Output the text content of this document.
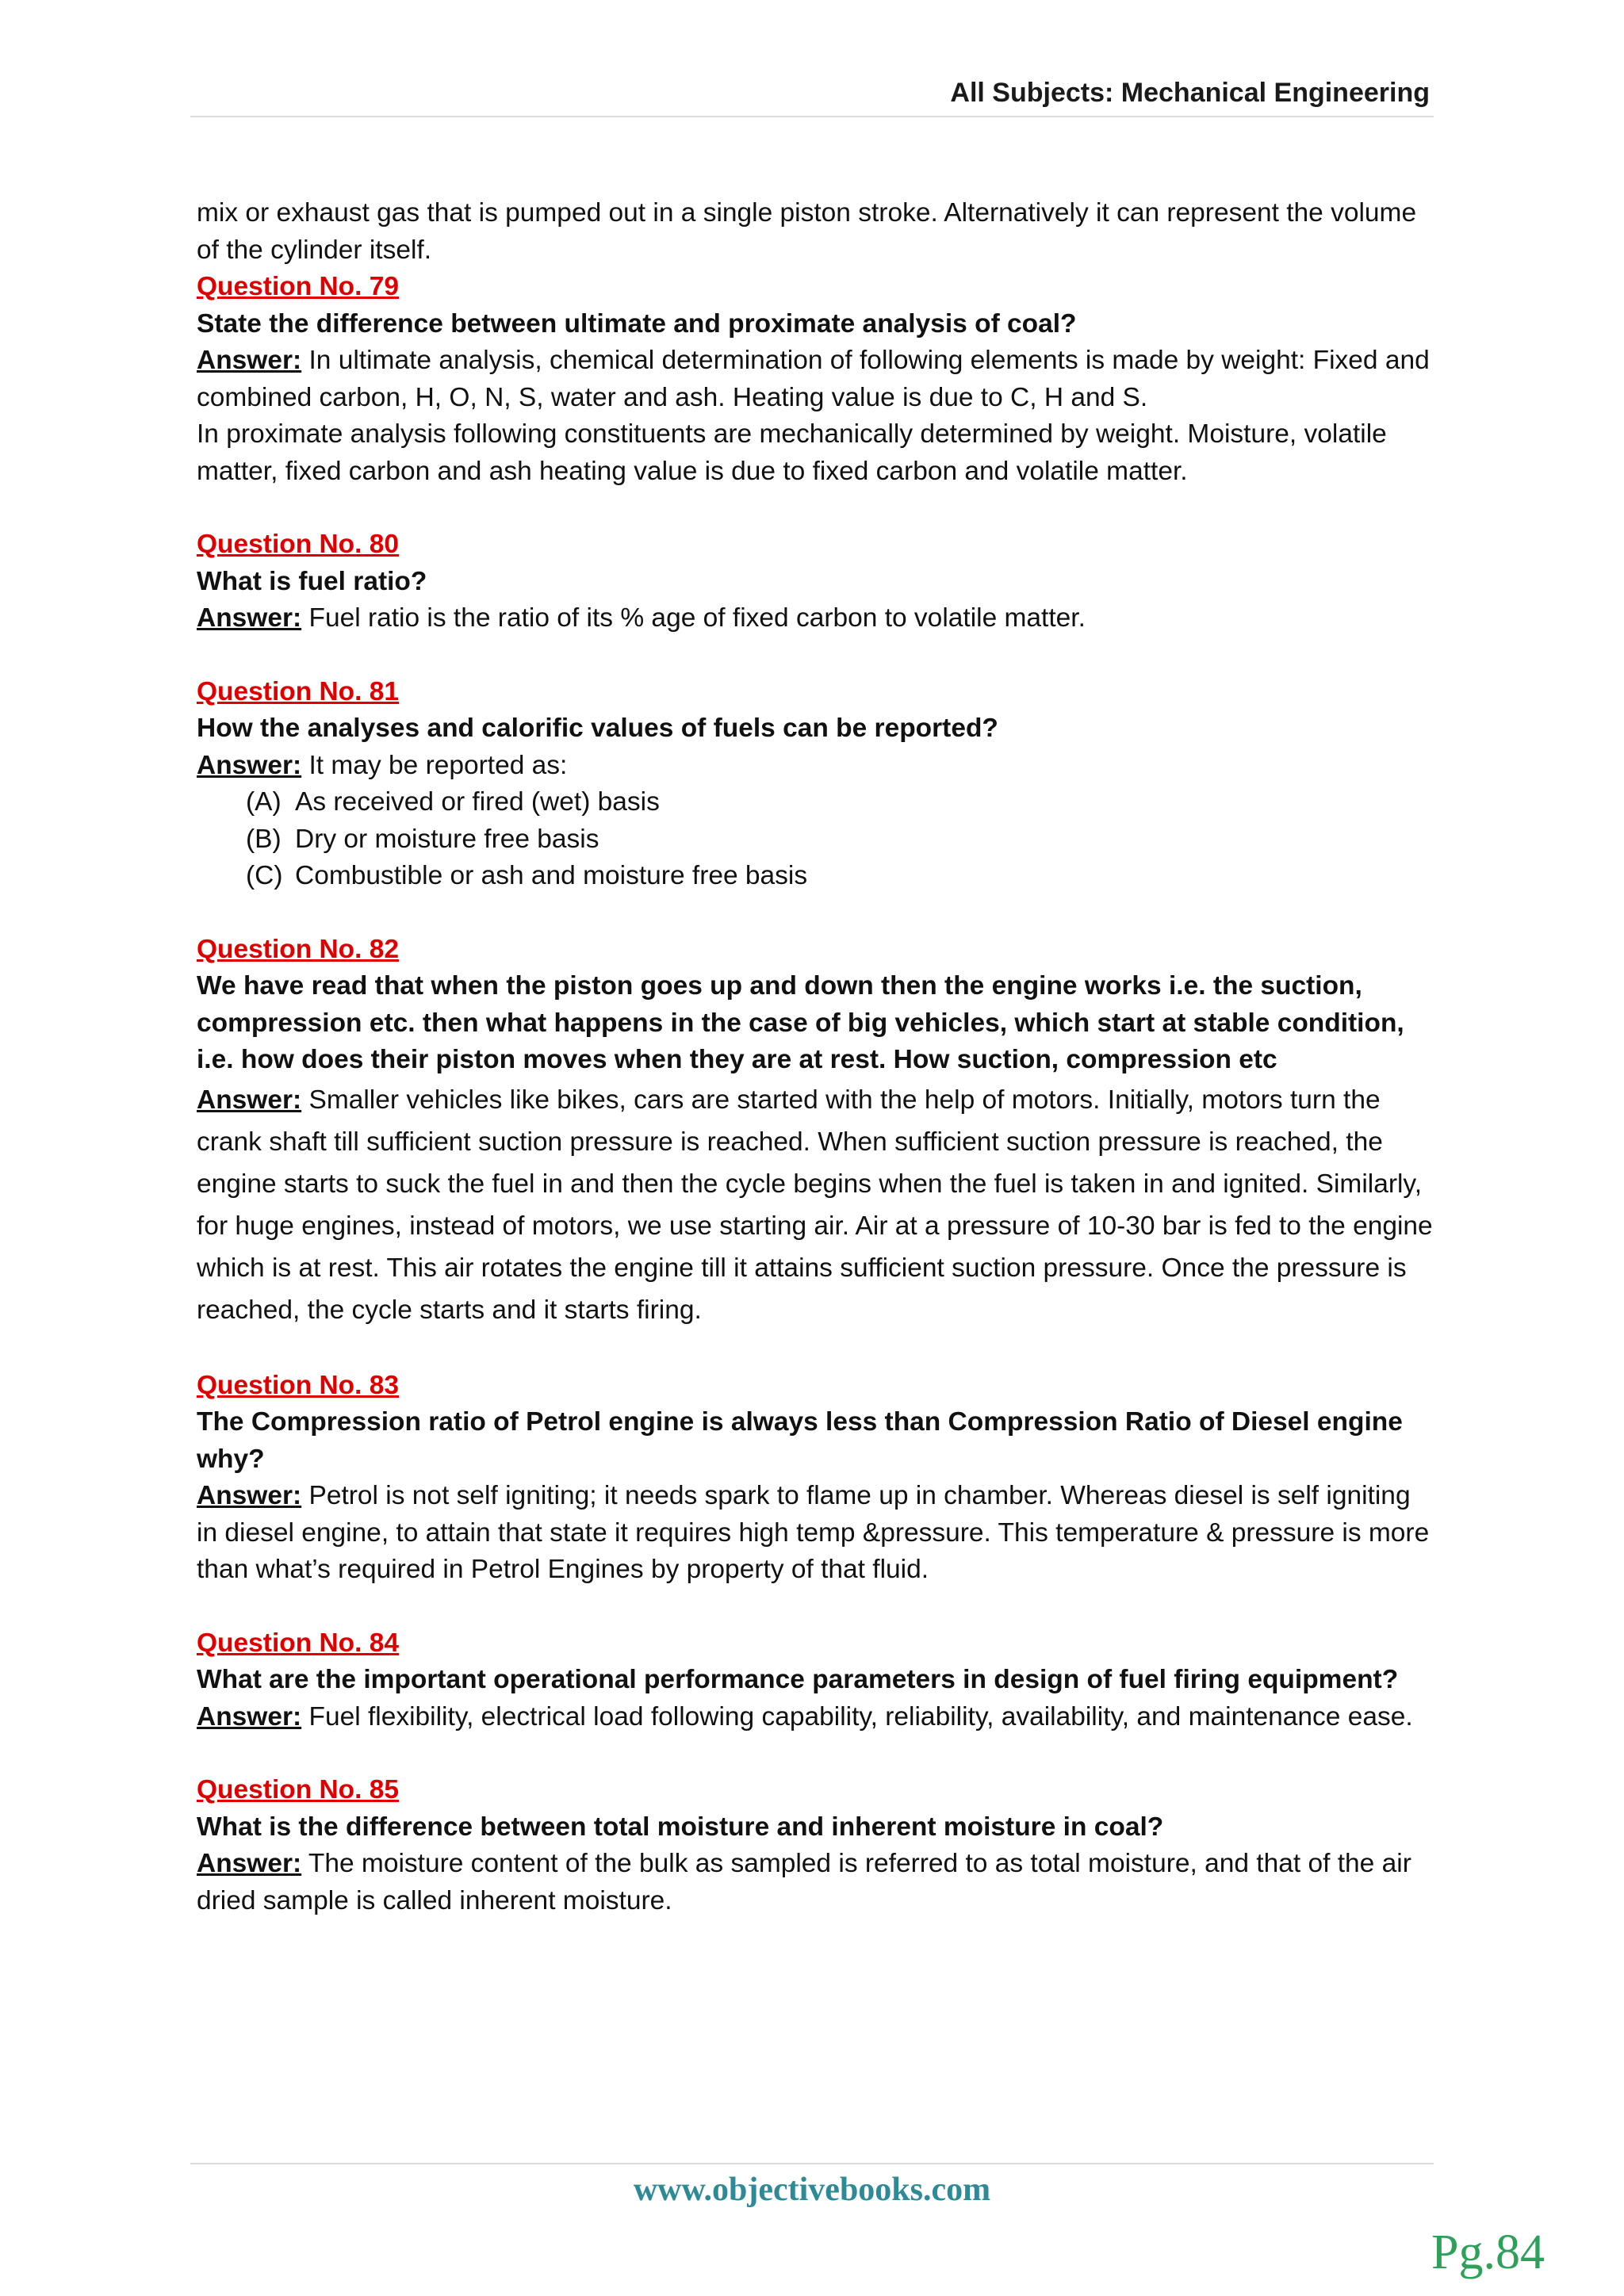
All Subjects: Mechanical Engineering

mix or exhaust gas that is pumped out in a single piston stroke. Alternatively it can represent the volume of the cylinder itself.

Question No. 79

State the difference between ultimate and proximate analysis of coal?

Answer: In ultimate analysis, chemical determination of following elements is made by weight: Fixed and combined carbon, H, O, N, S, water and ash. Heating value is due to C, H and S.

In proximate analysis following constituents are mechanically determined by weight. Moisture, volatile matter, fixed carbon and ash heating value is due to fixed carbon and volatile matter.

Question No. 80

What is fuel ratio?

Answer: Fuel ratio is the ratio of its % age of fixed carbon to volatile matter.

Question No. 81

How the analyses and calorific values of fuels can be reported?

Answer: It may be reported as:

(A) As received or fired (wet) basis
(B) Dry or moisture free basis
(C) Combustible or ash and moisture free basis

Question No. 82

We have read that when the piston goes up and down then the engine works i.e. the suction, compression etc. then what happens in the case of big vehicles, which start at stable condition, i.e. how does their piston moves when they are at rest. How suction, compression etc

Answer: Smaller vehicles like bikes, cars are started with the help of motors. Initially, motors turn the crank shaft till sufficient suction pressure is reached. When sufficient suction pressure is reached, the engine starts to suck the fuel in and then the cycle begins when the fuel is taken in and ignited. Similarly, for huge engines, instead of motors, we use starting air. Air at a pressure of 10-30 bar is fed to the engine which is at rest. This air rotates the engine till it attains sufficient suction pressure. Once the pressure is reached, the cycle starts and it starts firing.

Question No. 83

The Compression ratio of Petrol engine is always less than Compression Ratio of Diesel engine why?

Answer: Petrol is not self igniting; it needs spark to flame up in chamber. Whereas diesel is self igniting in diesel engine, to attain that state it requires high temp &pressure. This temperature & pressure is more than what’s required in Petrol Engines by property of that fluid.

Question No. 84

What are the important operational performance parameters in design of fuel firing equipment?

Answer: Fuel flexibility, electrical load following capability, reliability, availability, and maintenance ease.

Question No. 85

What is the difference between total moisture and inherent moisture in coal?

Answer: The moisture content of the bulk as sampled is referred to as total moisture, and that of the air dried sample is called inherent moisture.

www.objectivebooks.com
Pg.84
